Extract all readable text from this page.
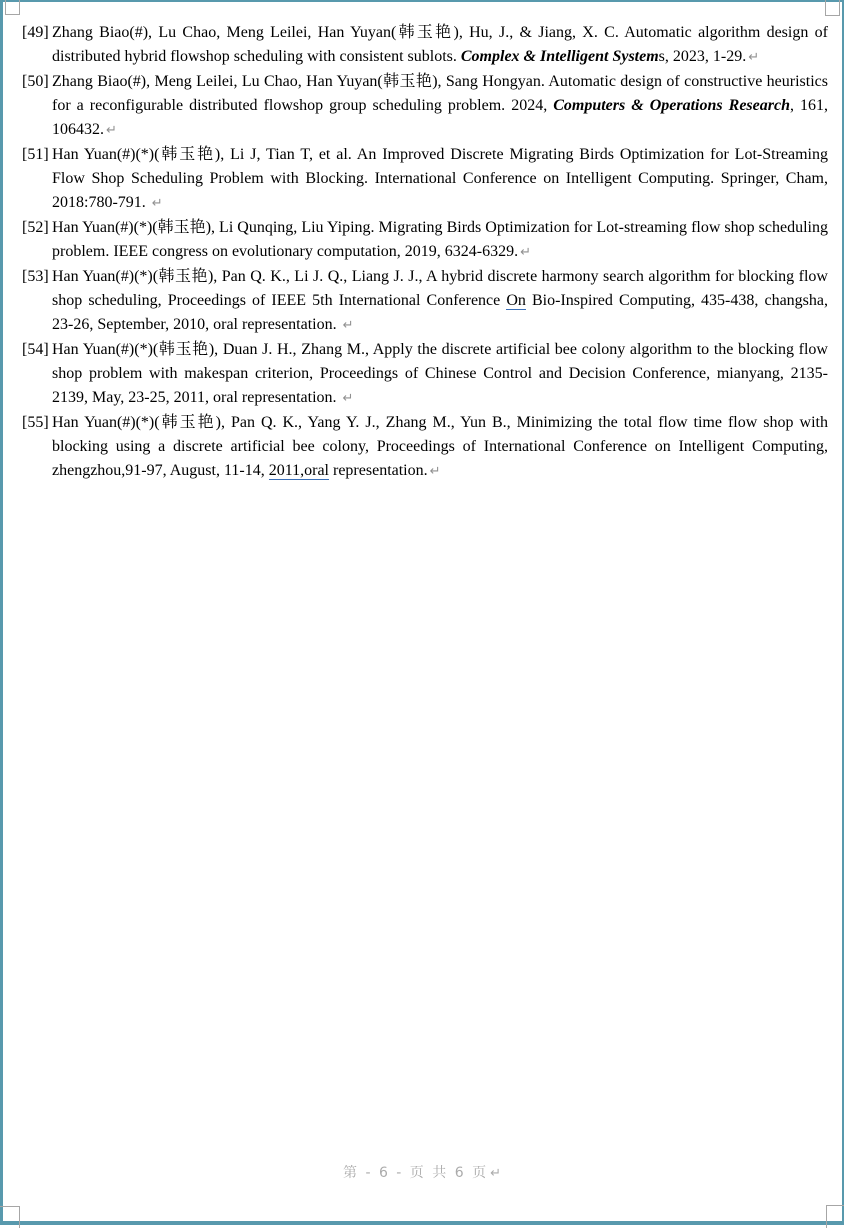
[49] Zhang Biao(#), Lu Chao, Meng Leilei, Han Yuyan(韩玉艳), Hu, J., & Jiang, X. C. Automatic algorithm design of distributed hybrid flowshop scheduling with consistent sublots. Complex & Intelligent Systems, 2023, 1-29. ↵

[50] Zhang Biao(#), Meng Leilei, Lu Chao, Han Yuyan(韩玉艳), Sang Hongyan. Automatic design of constructive heuristics for a reconfigurable distributed flowshop group scheduling problem. 2024, Computers & Operations Research, 161, 106432. ↵

[51] Han Yuan(#)(*)(韩玉艳), Li J, Tian T, et al. An Improved Discrete Migrating Birds Optimization for Lot-Streaming Flow Shop Scheduling Problem with Blocking. International Conference on Intelligent Computing. Springer, Cham, 2018:780-791. ↵

[52] Han Yuan(#)(*)(韩玉艳), Li Qunqing, Liu Yiping. Migrating Birds Optimization for Lot-streaming flow shop scheduling problem. IEEE congress on evolutionary computation, 2019, 6324-6329. ↵

[53] Han Yuan(#)(*)(韩玉艳), Pan Q. K., Li J. Q., Liang J. J., A hybrid discrete harmony search algorithm for blocking flow shop scheduling, Proceedings of IEEE 5th International Conference On Bio-Inspired Computing, 435-438, changsha, 23-26, September, 2010, oral representation. ↵

[54] Han Yuan(#)(*)(韩玉艳), Duan J. H., Zhang M., Apply the discrete artificial bee colony algorithm to the blocking flow shop problem with makespan criterion, Proceedings of Chinese Control and Decision Conference, mianyang, 2135-2139, May, 23-25, 2011, oral representation. ↵

[55] Han Yuan(#)(*)(韩玉艳), Pan Q. K., Yang Y. J., Zhang M., Yun B., Minimizing the total flow time flow shop with blocking using a discrete artificial bee colony, Proceedings of International Conference on Intelligent Computing, zhengzhou,91-97, August, 11-14, 2011,oral representation. ↵

第 - 6 - 页 共 6 页 ↵
